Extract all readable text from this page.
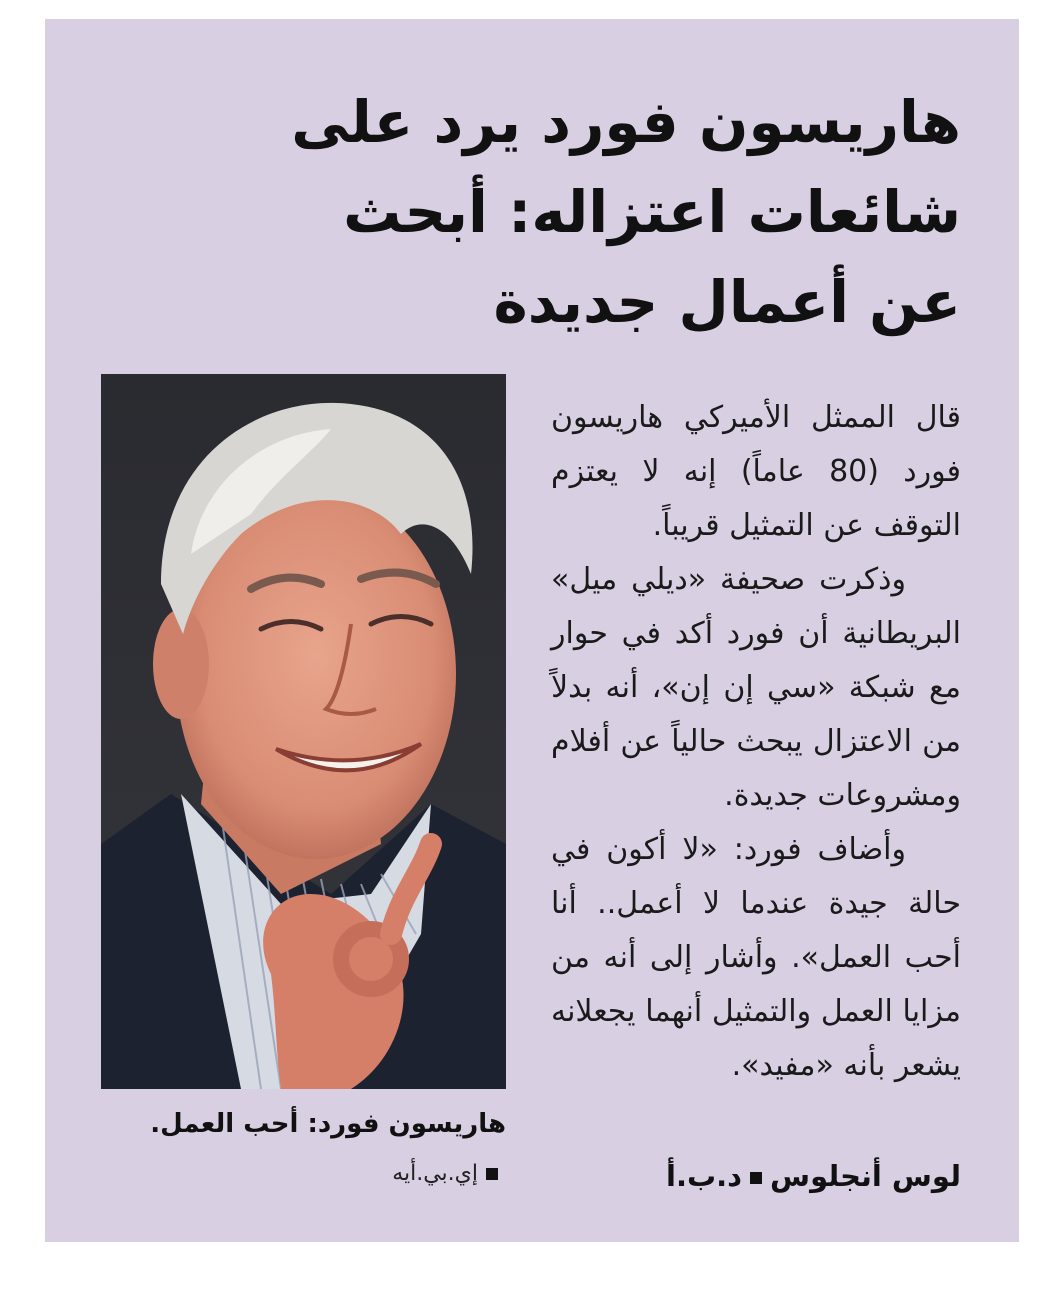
هاريسون فورد يرد على
شائعات اعتزاله: أبحث
عن أعمال جديدة

قال الممثل الأميركي هاريسون فورد (80 عاماً) إنه لا يعتزم التوقف عن التمثيل قريباً.

وذكرت صحيفة «ديلي ميل» البريطانية أن فورد أكد في حوار مع شبكة «سي إن إن»، أنه بدلاً من الاعتزال يبحث حالياً عن أفلام ومشروعات جديدة.

وأضاف فورد: «لا أكون في حالة جيدة عندما لا أعمل.. أنا أحب العمل». وأشار إلى أنه من مزايا العمل والتمثيل أنهما يجعلانه يشعر بأنه «مفيد».

لوس أنجلوسد.ب.أ
هاريسون فورد: أحب العمل.
إي.بي.أيه
